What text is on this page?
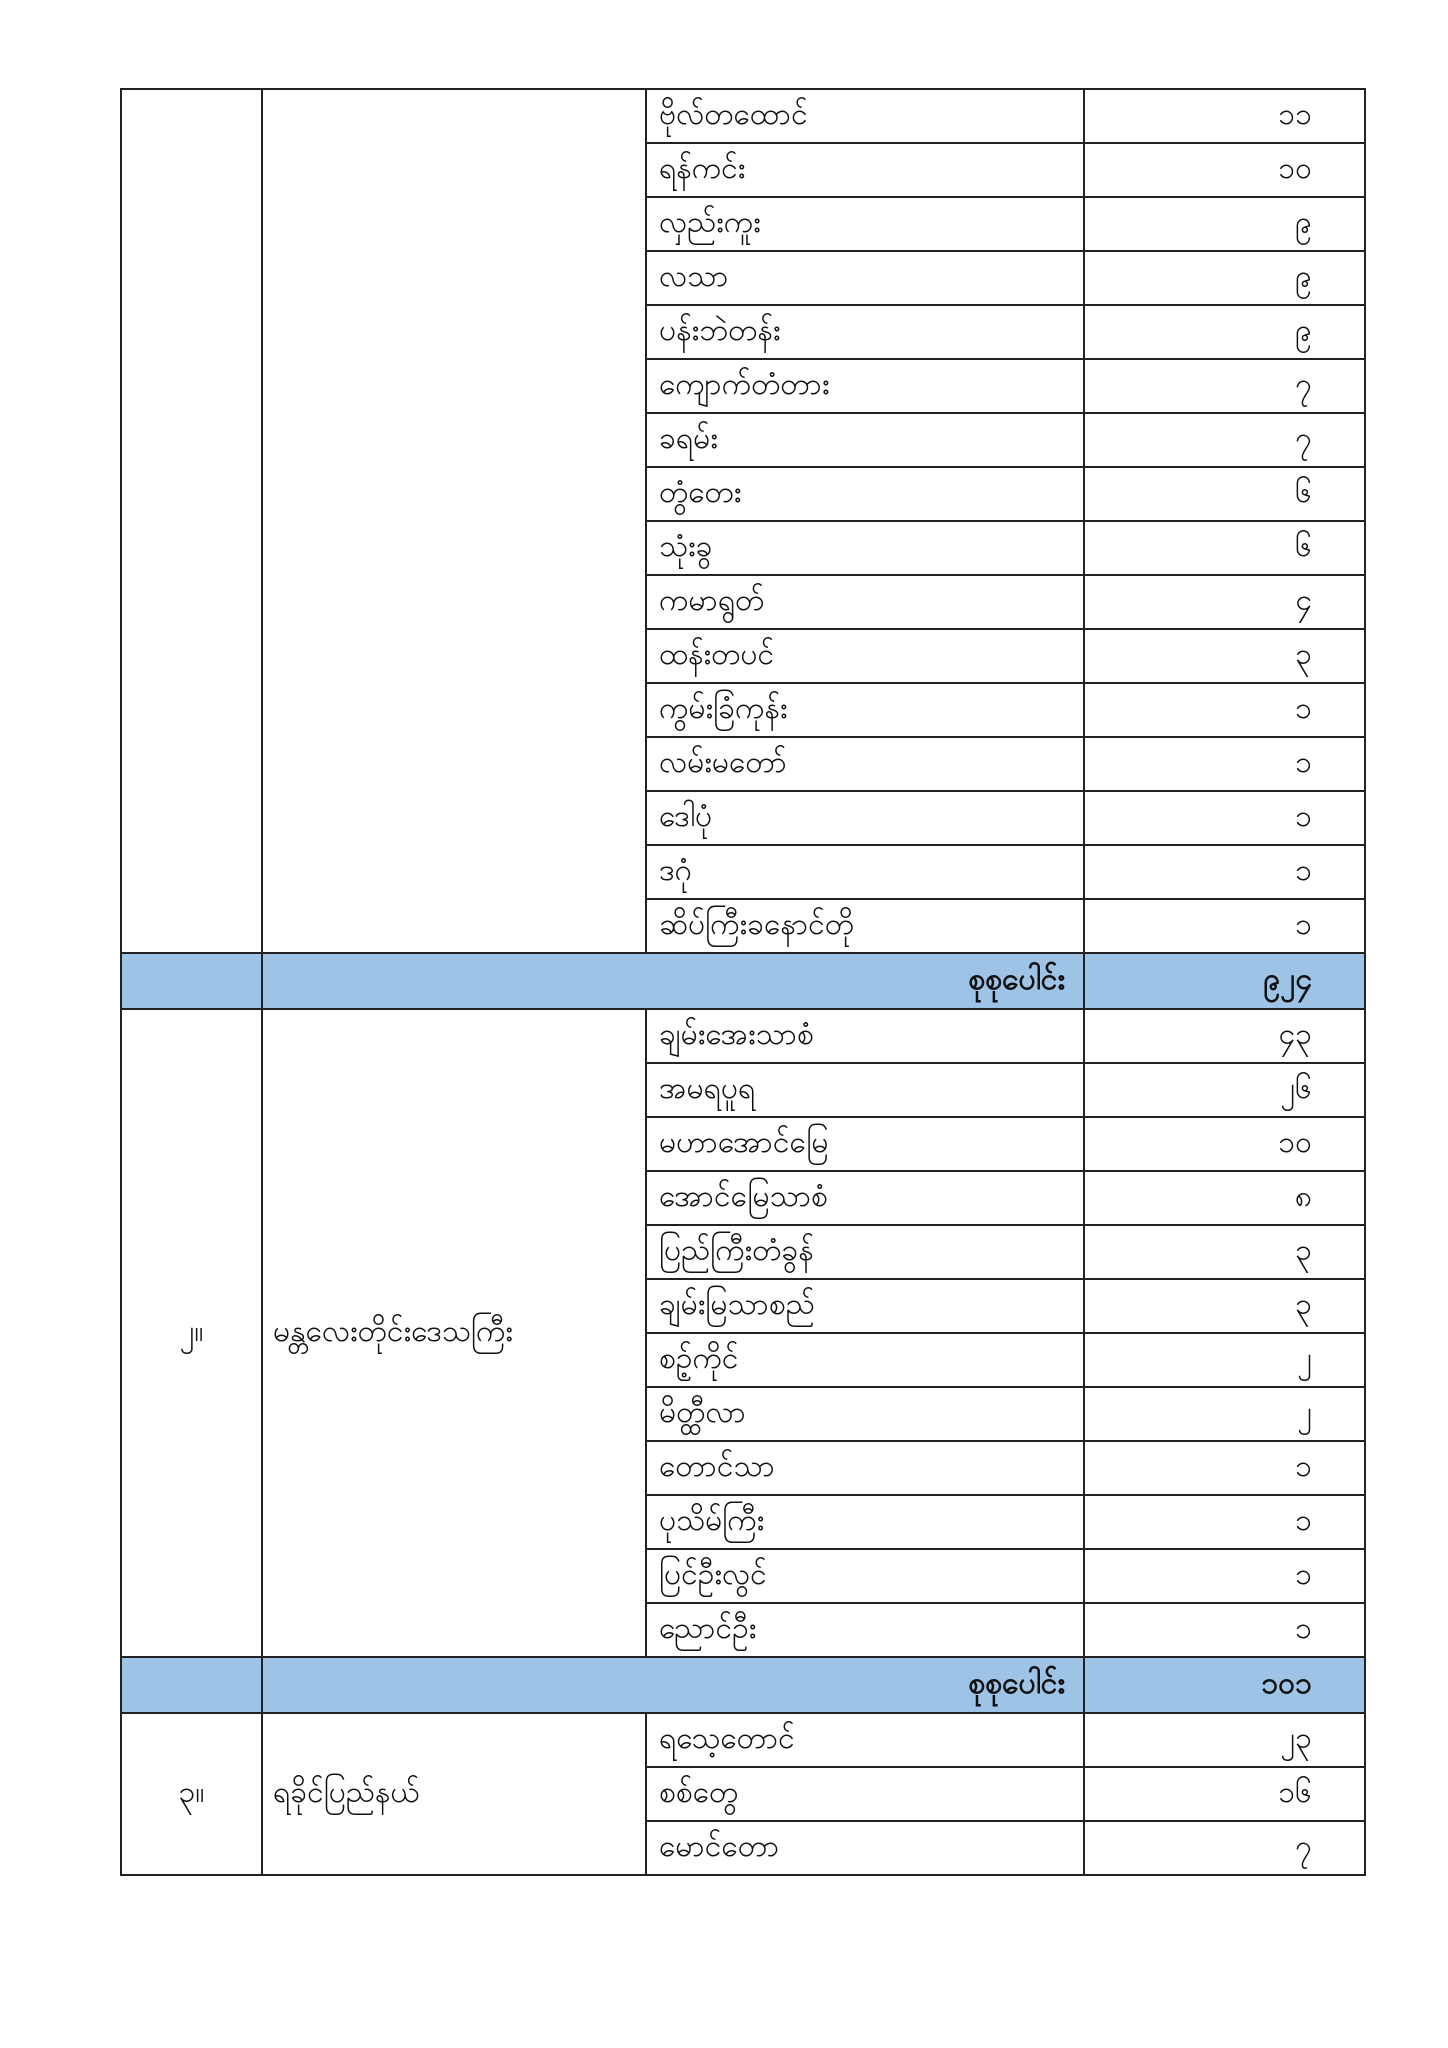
		ဗိုလ်တထောင်	၁၁
		ရန်ကင်း	၁၀
		လှည်းကူး	၉
		လသာ	၉
		ပန်းဘဲတန်း	၉
		ကျောက်တံတား	၇
		ခရမ်း	၇
		တွံတေး	၆
		သုံးခွ	၆
		ကမာရွတ်	၄
		ထန်းတပင်	၃
		ကွမ်းခြံကုန်း	၁
		လမ်းမတော်	၁
		ဒေါပုံ	၁
		ဒဂုံ	၁
		ဆိပ်ကြီးခနောင်တို	၁
	စုစုပေါင်း		၉၂၄
၂။	မန္တလေးတိုင်းဒေသကြီး	ချမ်းအေးသာစံ	၄၃
		အမရပူရ	၂၆
		မဟာအောင်မြေ	၁၀
		အောင်မြေသာစံ	၈
		ပြည်ကြီးတံခွန်	၃
		ချမ်းမြသာစည်	၃
		စဉ့်ကိုင်	၂
		မိတ္ထီလာ	၂
		တောင်သာ	၁
		ပုသိမ်ကြီး	၁
		ပြင်ဦးလွင်	၁
		ညောင်ဦး	၁
	စုစုပေါင်း		၁၀၁
၃။	ရခိုင်ပြည်နယ်	ရသေ့တောင်	၂၃
		စစ်တွေ	၁၆
		မောင်တော	၇
